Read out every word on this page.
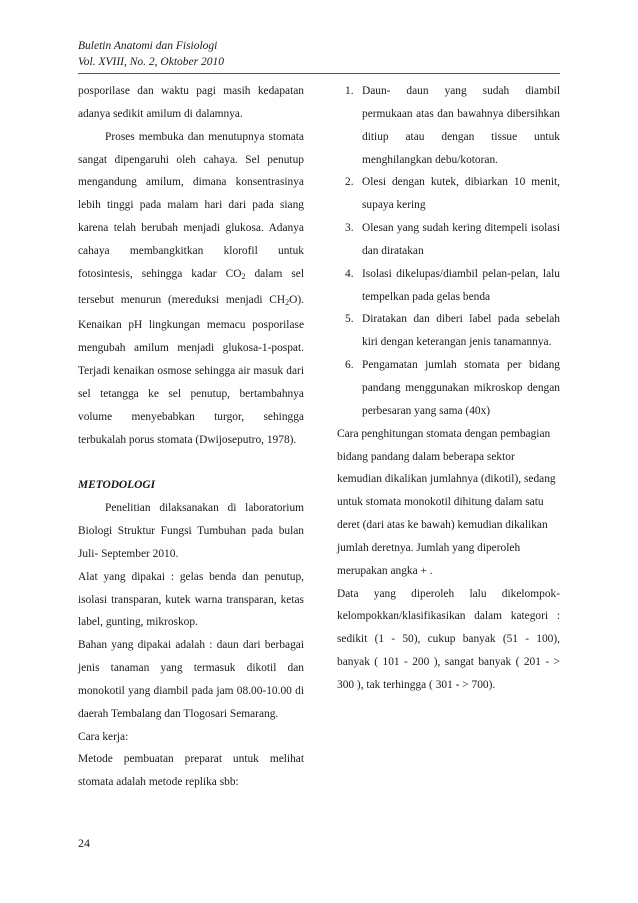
Buletin Anatomi dan Fisiologi
Vol. XVIII, No. 2, Oktober 2010

posporilase dan waktu pagi masih kedapatan adanya sedikit amilum di dalamnya.

Proses membuka dan menutupnya stomata sangat dipengaruhi oleh cahaya. Sel penutup mengandung amilum, dimana konsentrasinya lebih tinggi pada malam hari dari pada siang karena telah berubah menjadi glukosa. Adanya cahaya membangkitkan klorofil untuk fotosintesis, sehingga kadar $CO_2$ dalam sel tersebut menurun (mereduksi menjadi $CH_2O$). Kenaikan pH lingkungan memacu posporilase mengubah amilum menjadi glukosa-1-pospat. Terjadi kenaikan osmose sehingga air masuk dari sel tetangga ke sel penutup, bertambahnya volume menyebabkan turgor, sehingga terbukalah porus stomata (Dwijoseputro, 1978).

METODOLOGI

Penelitian dilaksanakan di laboratorium Biologi Struktur Fungsi Tumbuhan pada bulan Juli- September 2010.

Alat yang dipakai : gelas benda dan penutup, isolasi transparan, kutek warna transparan, ketas label, gunting, mikroskop.

Bahan yang dipakai adalah : daun dari berbagai jenis tanaman yang termasuk dikotil dan monokotil yang diambil pada jam 08.00-10.00 di daerah Tembalang dan Tlogosari Semarang.

Cara kerja:

Metode pembuatan preparat untuk melihat stomata adalah metode replika sbb:

1. Daun- daun yang sudah diambil permukaan atas dan bawahnya dibersihkan ditiup atau dengan tissue untuk menghilangkan debu/kotoran.
2. Olesi dengan kutek, dibiarkan 10 menit, supaya kering
3. Olesan yang sudah kering ditempeli isolasi dan diratakan
4. Isolasi dikelupas/diambil pelan-pelan, lalu tempelkan pada gelas benda
5. Diratakan dan diberi label pada sebelah kiri dengan keterangan jenis tanamannya.
6. Pengamatan jumlah stomata per bidang pandang menggunakan mikroskop dengan perbesaran yang sama (40x)
Cara penghitungan stomata dengan pembagian bidang pandang dalam beberapa sektor kemudian dikalikan jumlahnya (dikotil), sedang untuk stomata monokotil dihitung dalam satu deret (dari atas ke bawah) kemudian dikalikan jumlah deretnya. Jumlah yang diperoleh merupakan angka + .

Data yang diperoleh lalu dikelompok-kelompokkan/klasifikasikan dalam kategori : sedikit (1 - 50), cukup banyak (51 - 100), banyak ( 101 - 200 ), sangat banyak ( 201 - > 300 ), tak terhingga ( 301 - > 700).

24
